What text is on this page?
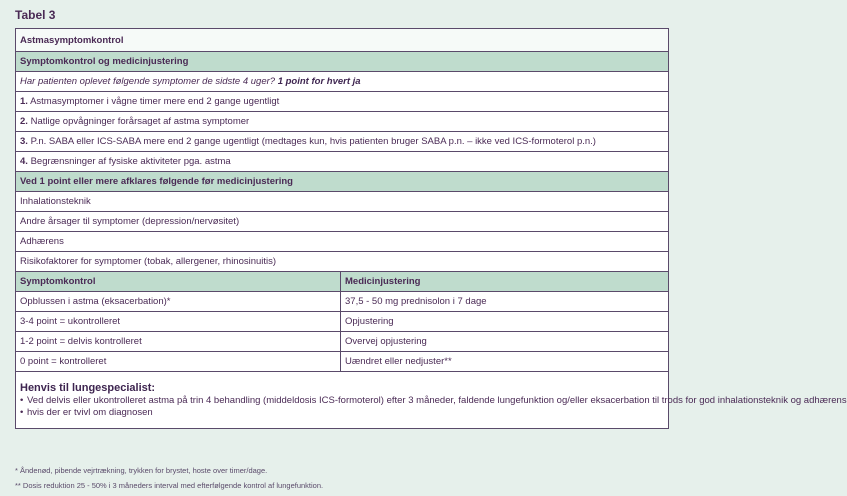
Tabel 3
Astmasymptomkontrol	
Symptomkontrol og medicinjustering	
Har patienten oplevet følgende symptomer de sidste 4 uger? 1 point for hvert ja	
1. Astmasymptomer i vågne timer mere end 2 gange ugentligt	
2. Natlige opvågninger forårsaget af astma symptomer	
3. P.n. SABA eller ICS-SABA mere end 2 gange ugentligt (medtages kun, hvis patienten bruger SABA p.n. – ikke ved ICS-formoterol p.n.)	
4. Begrænsninger af fysiske aktiviteter pga. astma	
Ved 1 point eller mere afklares følgende før medicinjustering	
Inhalationsteknik	
Andre årsager til symptomer (depression/nervøsitet)	
Adhærens	
Risikofaktorer for symptomer (tobak, allergener, rhinosinuitis)	
Symptomkontrol	Medicinjustering
Opblussen i astma (eksacerbation)*	37,5 - 50 mg prednisolon i 7 dage
3-4 point = ukontrolleret	Opjustering
1-2 point = delvis kontrolleret	Overvej opjustering
0 point = kontrolleret	Uændret eller nedjuster**

Henvis til lungespecialist:
• Ved delvis eller ukontrolleret astma på trin 4 behandling (middeldosis ICS-formoterol) efter 3 måneder, faldende lungefunktion og/eller eksacerbation til trods for god inhalationsteknik og adhærens
• hvis der er tvivl om diagnosen	
* Åndenød, pibende vejrtrækning, trykken for brystet, hoste over timer/dage.
** Dosis reduktion 25 - 50% i 3 måneders interval med efterfølgende kontrol af lungefunktion.
